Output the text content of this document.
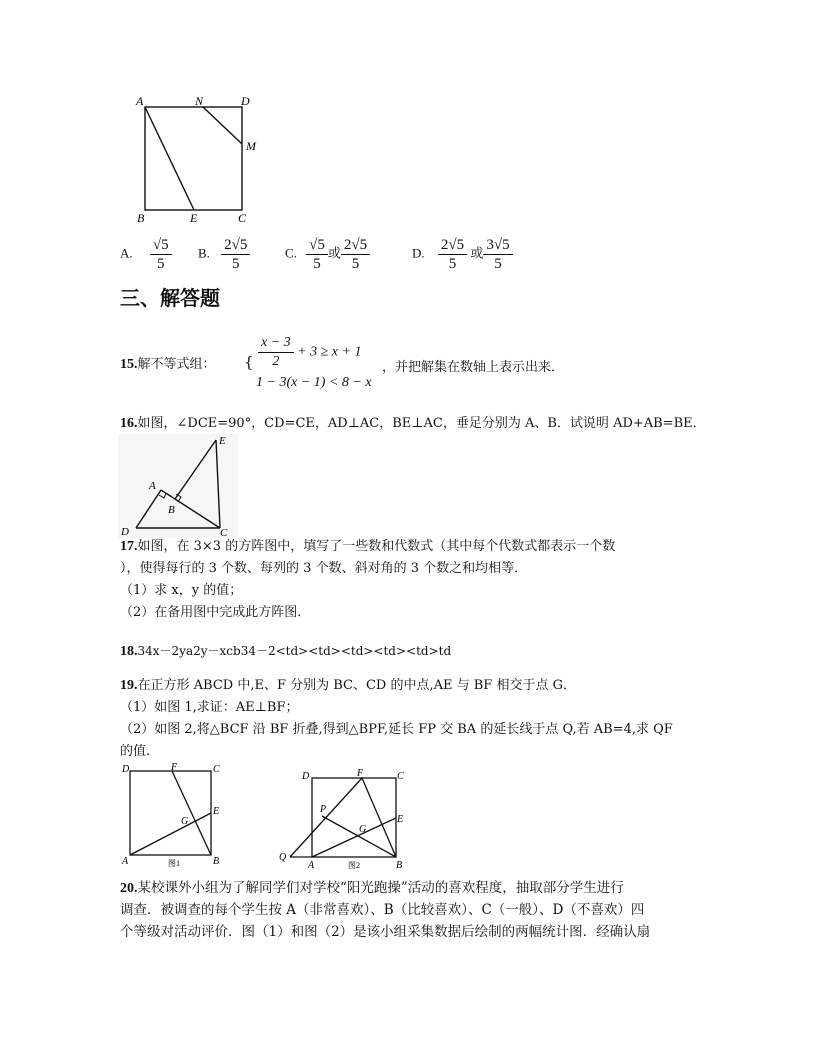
A	N	D
M
B	E	C
A. $\frac{√5}{5} B$. $\frac{2√5}{5}$	C. $\frac{√5}{5}$ 或 $\frac{2√5}{5}$	D. $\frac{2√5}{5}$ 或 $\frac{3√5}{5}$
三、解答题
15.解不等式组： { $\frac{x - 3}{2} + 3 \ge x + 1$
1 − 3(x − 1) < 8 − x
，并把解集在数轴上表示出来．
16.如图，∠DCE=90°，CD=CE，AD⊥AC，BE⊥AC，垂足分别为 A、B．试说明 AD+AB=BE．
E
A
B
D	C
17.如图，在 3×3 的方阵图中，填写了一些数和代数式（其中每个代数式都表示一个数
），使得每行的 3 个数、每列的 3 个数、斜对角的 3 个数之和均相等．
（1）求 x，y 的值；
（2）在备用图中完成此方阵图．
18.34x－2ya2y－xcb34－2<td><td><td><td><td>td
19.在正方形 ABCD 中,E、F 分别为 BC、CD 的中点,AE 与 BF 相交于点 G．
（1）如图 1,求证：AE⊥BF；
（2）如图 2,将△BCF 沿 BF 折叠,得到△BPF,延长 FP 交 BA 的延长线于点 Q,若 AB=4,求 QF
的值.
D	F	C
G
E
A	B
图1
D	F	C
P
G
E
Q
A	B
图2
20.某校课外小组为了解同学们对学校“阳光跑操”活动的喜欢程度，抽取部分学生进行
调查．被调查的每个学生按 A（非常喜欢）、B（比较喜欢）、C（一般）、D（不喜欢）四
个等级对活动评价．图（1）和图（2）是该小组采集数据后绘制的两幅统计图．经确认扇
